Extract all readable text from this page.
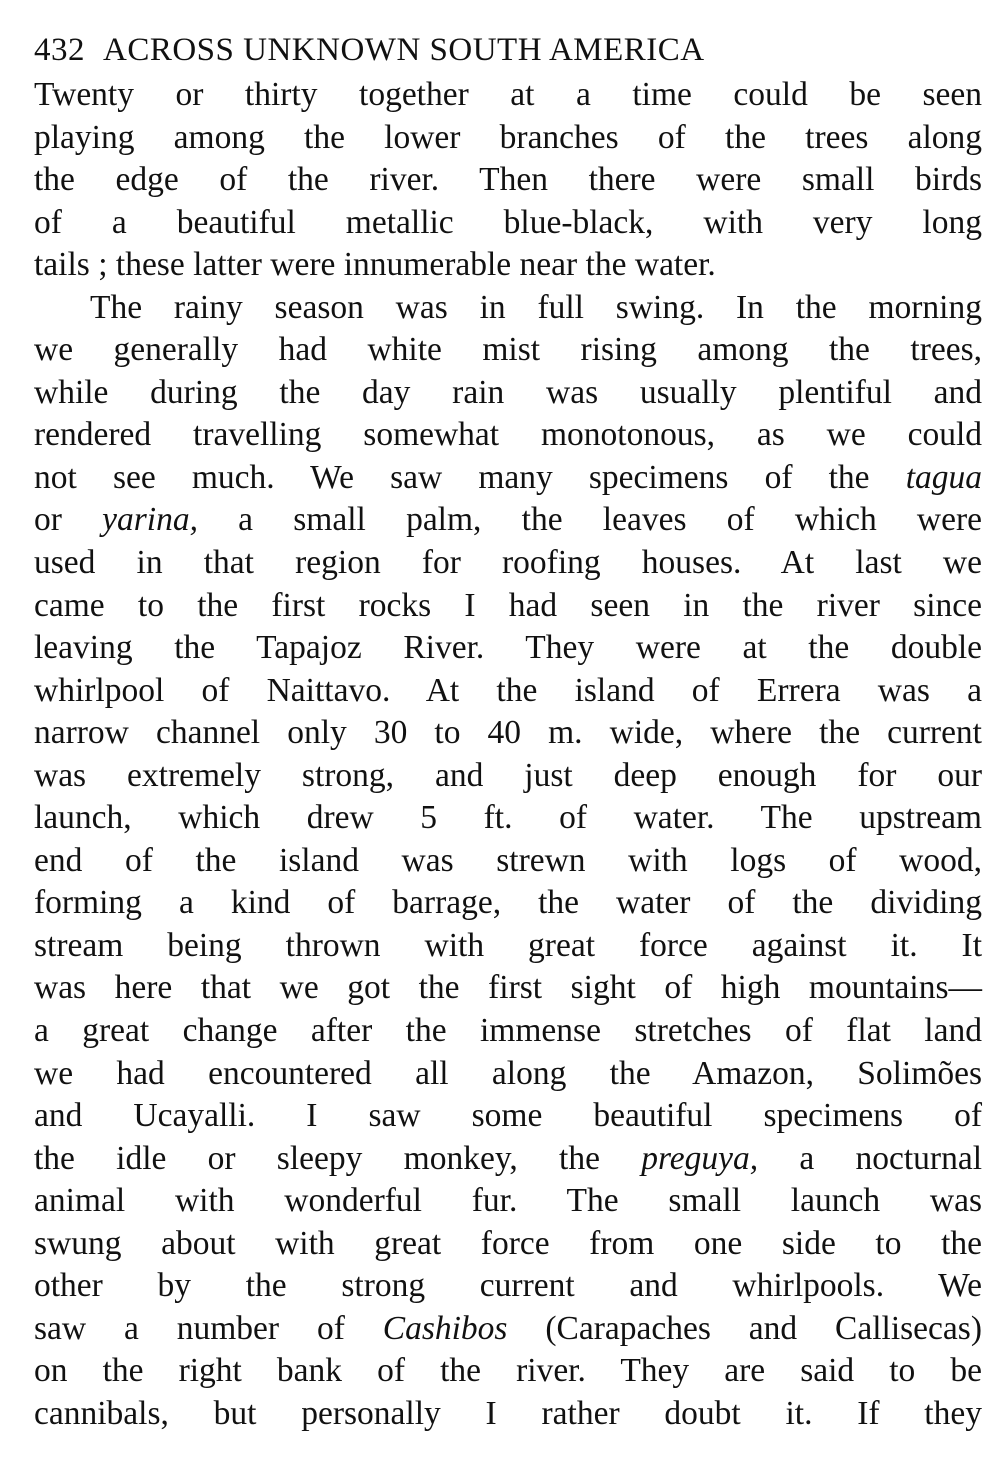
432 ACROSS UNKNOWN SOUTH AMERICA
Twenty or thirty together at a time could be seen
playing among the lower branches of the trees along
the edge of the river. Then there were small birds
of a beautiful metallic blue-black, with very long
tails ; these latter were innumerable near the water.
The rainy season was in full swing. In the morning
we generally had white mist rising among the trees,
while during the day rain was usually plentiful and
rendered travelling somewhat monotonous, as we could
not see much. We saw many specimens of the tagua
or yarina, a small palm, the leaves of which were
used in that region for roofing houses. At last we
came to the first rocks I had seen in the river since
leaving the Tapajoz River. They were at the double
whirlpool of Naittavo. At the island of Errera was a
narrow channel only 30 to 40 m. wide, where the current
was extremely strong, and just deep enough for our
launch, which drew 5 ft. of water. The upstream
end of the island was strewn with logs of wood,
forming a kind of barrage, the water of the dividing
stream being thrown with great force against it. It
was here that we got the first sight of high mountains—
a great change after the immense stretches of flat land
we had encountered all along the Amazon, Solimões
and Ucayalli. I saw some beautiful specimens of
the idle or sleepy monkey, the preguya, a nocturnal
animal with wonderful fur. The small launch was
swung about with great force from one side to the
other by the strong current and whirlpools. We
saw a number of Cashibos (Carapaches and Callisecas)
on the right bank of the river. They are said to be
cannibals, but personally I rather doubt it. If they
